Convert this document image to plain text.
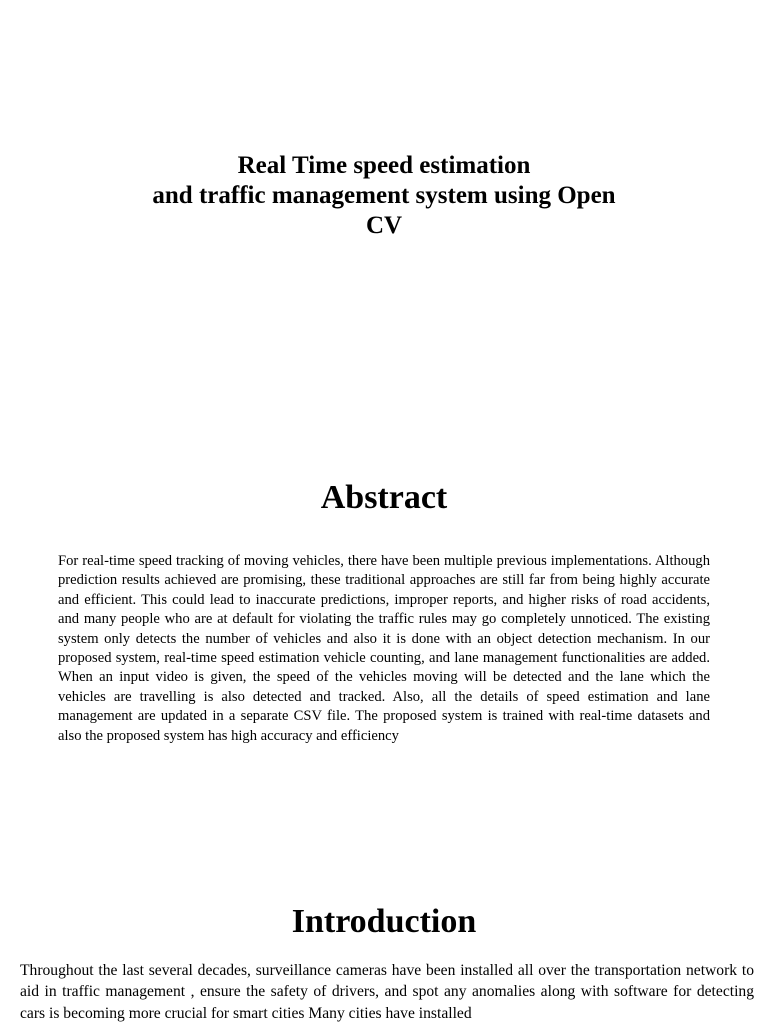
Real Time speed estimation
and traffic management system using Open
CV
Abstract
For real-time speed tracking of moving vehicles, there have been multiple previous implementations. Although prediction results achieved are promising, these traditional approaches are still far from being highly accurate and efficient. This could lead to inaccurate predictions, improper reports, and higher risks of road accidents, and many people who are at default for violating the traffic rules may go completely unnoticed. The existing system only detects the number of vehicles and also it is done with an object detection mechanism. In our proposed system, real-time speed estimation vehicle counting, and lane management functionalities are added. When an input video is given, the speed of the vehicles moving will be detected and the lane which the vehicles are travelling is also detected and tracked. Also, all the details of speed estimation and lane management are updated in a separate CSV file. The proposed system is trained with real-time datasets and also the proposed system has high accuracy and efficiency
Introduction
Throughout the last several decades, surveillance cameras have been installed all over the transportation network to aid in traffic management , ensure the safety of drivers, and spot any anomalies along with software for detecting cars is becoming more crucial for smart cities Many cities have installed
